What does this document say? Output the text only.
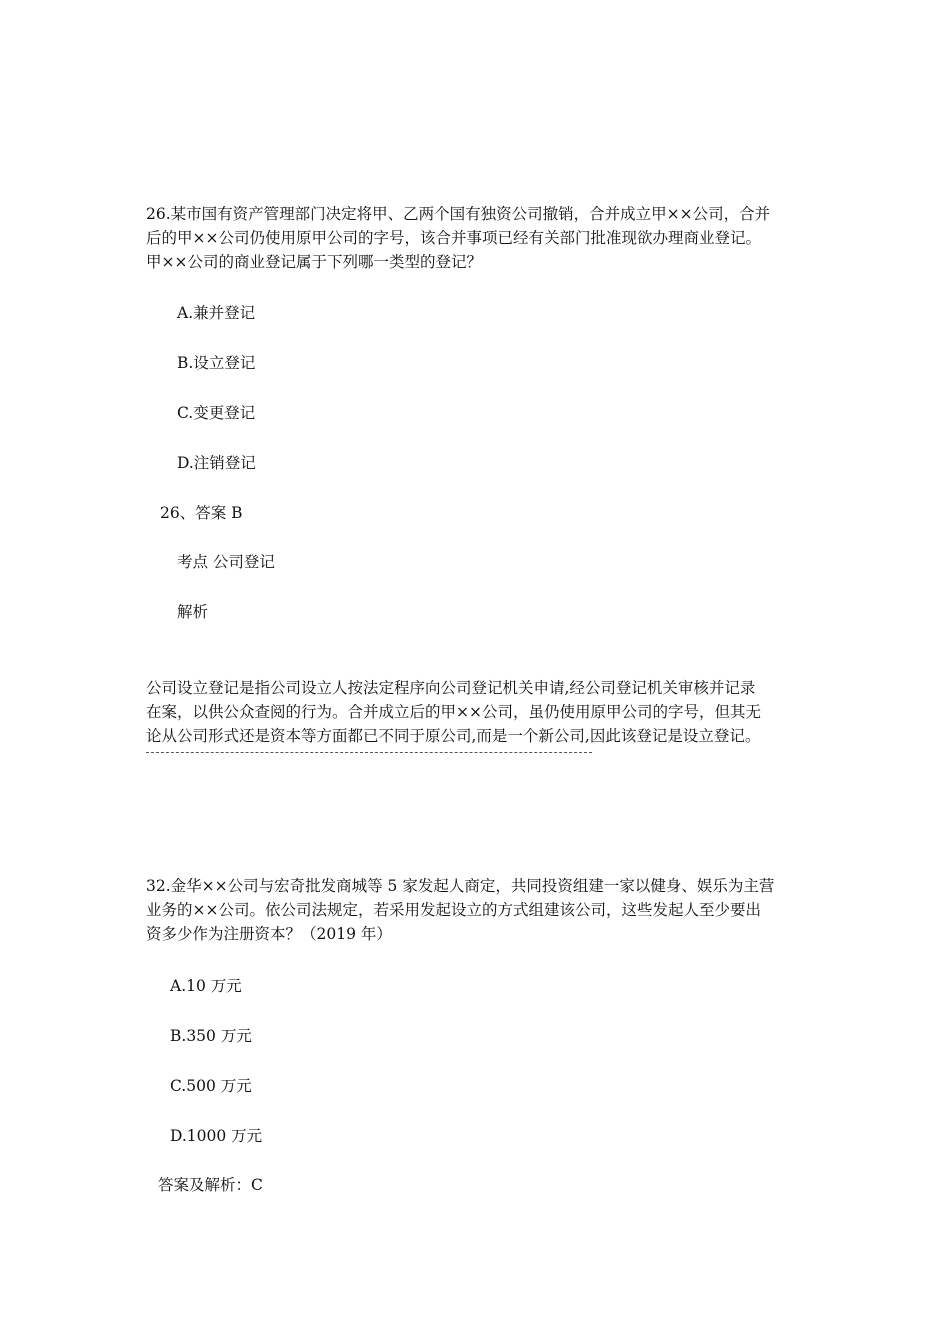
26.某市国有资产管理部门决定将甲、乙两个国有独资公司撤销，合并成立甲××公司，合并
后的甲××公司仍使用原甲公司的字号，该合并事项已经有关部门批准现欲办理商业登记。
甲××公司的商业登记属于下列哪一类型的登记？
A.兼并登记
B.设立登记
C.变更登记
D.注销登记
26、答案 B
考点 公司登记
解析
公司设立登记是指公司设立人按法定程序向公司登记机关申请,经公司登记机关审核并记录
在案，以供公众查阅的行为。合并成立后的甲××公司，虽仍使用原甲公司的字号，但其无
论从公司形式还是资本等方面都已不同于原公司,而是一个新公司,因此该登记是设立登记。
32.金华××公司与宏奇批发商城等 5 家发起人商定，共同投资组建一家以健身、娱乐为主营
业务的××公司。依公司法规定，若采用发起设立的方式组建该公司，这些发起人至少要出
资多少作为注册资本？（2019 年）
A.10 万元
B.350 万元
C.500 万元
D.1000 万元
答案及解析：C
